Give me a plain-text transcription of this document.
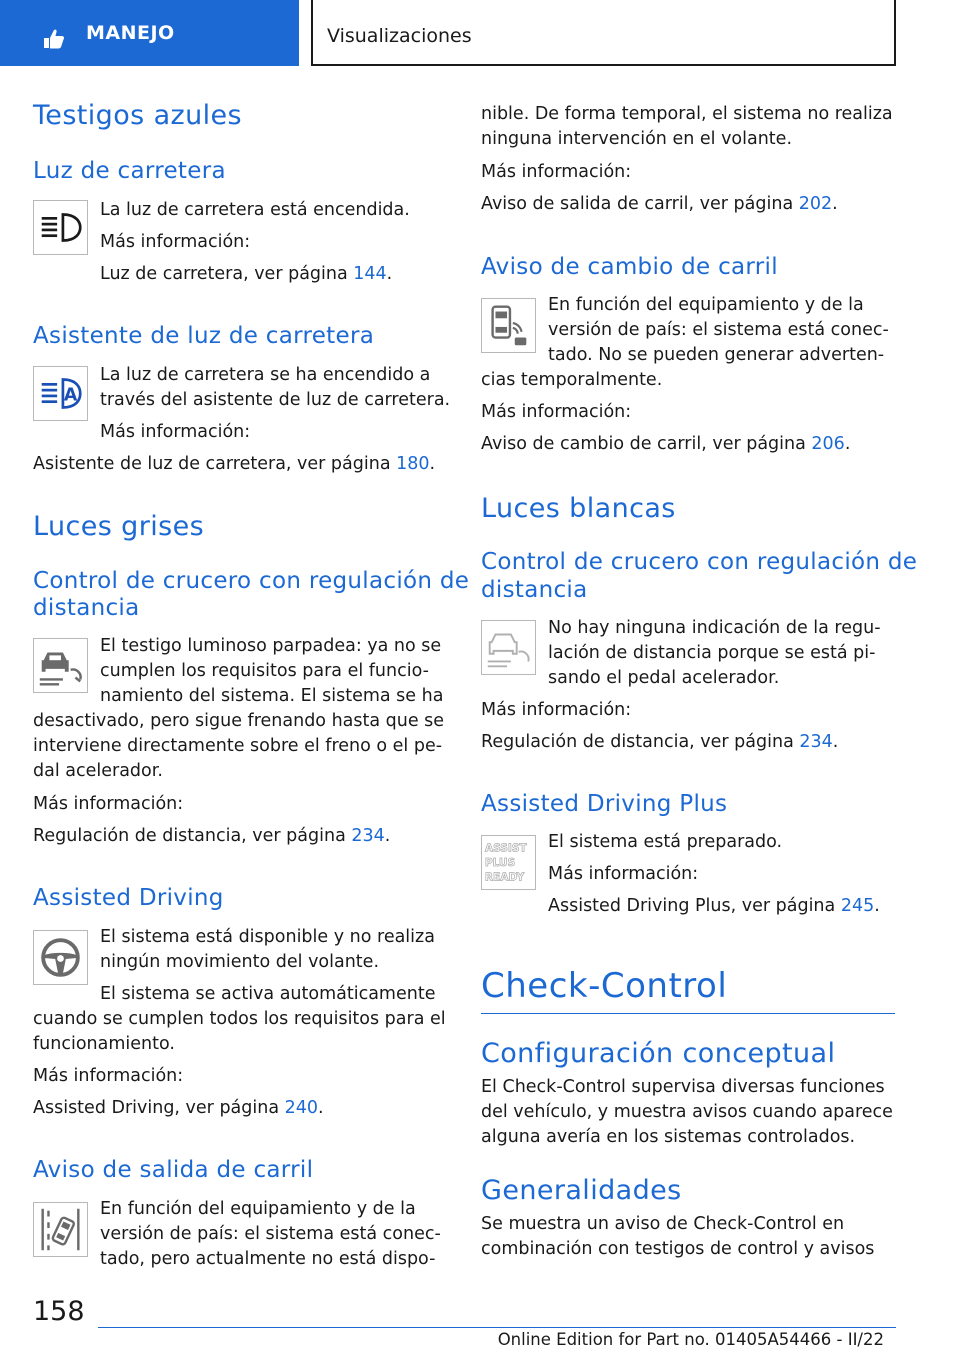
MANEJO	Visualizaciones
Testigos azules
Luz de carretera
La luz de carretera está encendida.
Más información:
Luz de carretera, ver página 144.
Asistente de luz de carretera
A
La luz de carretera se ha encendido a
través del asistente de luz de carretera.
Más información:
Asistente de luz de carretera, ver página 180.
Luces grises
Control de crucero con regulación de
distancia
El testigo luminoso parpadea: ya no se
cumplen los requisitos para el funcio-
namiento del sistema. El sistema se ha
desactivado, pero sigue frenando hasta que se
interviene directamente sobre el freno o el pe-
dal acelerador.
Más información:
Regulación de distancia, ver página 234.
Assisted Driving
El sistema está disponible y no realiza
ningún movimiento del volante.
El sistema se activa automáticamente
cuando se cumplen todos los requisitos para el
funcionamiento.
Más información:
Assisted Driving, ver página 240.
Aviso de salida de carril
En función del equipamiento y de la
versión de país: el sistema está conec-
tado, pero actualmente no está dispo-
nible. De forma temporal, el sistema no realiza
ninguna intervención en el volante.
Más información:
Aviso de salida de carril, ver página 202.
Aviso de cambio de carril
En función del equipamiento y de la
versión de país: el sistema está conec-
tado. No se pueden generar adverten-
cias temporalmente.
Más información:
Aviso de cambio de carril, ver página 206.
Luces blancas
Control de crucero con regulación de
distancia
No hay ninguna indicación de la regu-
lación de distancia porque se está pi-
sando el pedal acelerador.
Más información:
Regulación de distancia, ver página 234.
Assisted Driving Plus
ASSIST
PLUS
READY
El sistema está preparado.
Más información:
Assisted Driving Plus, ver página 245.
Check-Control
Configuración conceptual
El Check-Control supervisa diversas funciones
del vehículo, y muestra avisos cuando aparece
alguna avería en los sistemas controlados.
Generalidades
Se muestra un aviso de Check-Control en
combinación con testigos de control y avisos
158
Online Edition for Part no. 01405A54466 - II/22
